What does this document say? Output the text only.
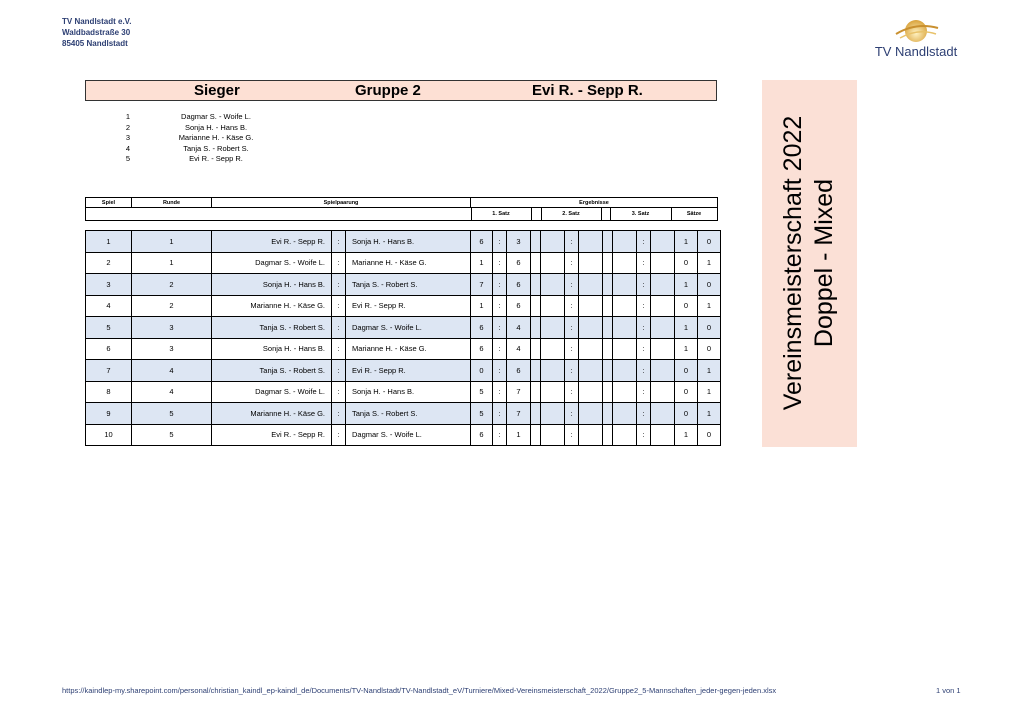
TV Nandlstadt e.V.
Waldbadstraße 30
85405 Nandlstadt
TV Nandlstadt
Sieger	Gruppe 2	Evi R. - Sepp R.
1	Dagmar S. - Woife L.
2	Sonja H. - Hans B.
3	Marianne H. - Käse G.
4	Tanja S. - Robert S.
5	Evi R. - Sepp R.	Vereinsmeisterschaft 2022 Doppel - Mixed
Spiel	Runde	Spielpaarung	Ergebnisse
1. Satz	2. Satz	3. Satz	Sätze
1	1	Evi R. - Sepp R.	:	Sonja H. - Hans B.	6	:	3			:				:		1	0
2	1	Dagmar S. - Woife L.	:	Marianne H. - Käse G.	1	:	6			:				:		0	1
3	2	Sonja H. - Hans B.	:	Tanja S. - Robert S.	7	:	6			:				:		1	0
4	2	Marianne H. - Käse G.	:	Evi R. - Sepp R.	1	:	6			:				:		0	1
5	3	Tanja S. - Robert S.	:	Dagmar S. - Woife L.	6	:	4			:				:		1	0
6	3	Sonja H. - Hans B.	:	Marianne H. - Käse G.	6	:	4			:				:		1	0
7	4	Tanja S. - Robert S.	:	Evi R. - Sepp R.	0	:	6			:				:		0	1
8	4	Dagmar S. - Woife L.	:	Sonja H. - Hans B.	5	:	7			:				:		0	1
9	5	Marianne H. - Käse G.	:	Tanja S. - Robert S.	5	:	7			:				:		0	1
10	5	Evi R. - Sepp R.	:	Dagmar S. - Woife L.	6	:	1			:				:		1	0
https://kaindlep-my.sharepoint.com/personal/christian_kaindl_ep-kaindl_de/Documents/TV-Nandlstadt/TV-Nandlstadt_eV/Turniere/Mixed-Vereinsmeisterschaft_2022/Gruppe2_5-Mannschaften_jeder-gegen-jeden.xlsx	1 von 1
